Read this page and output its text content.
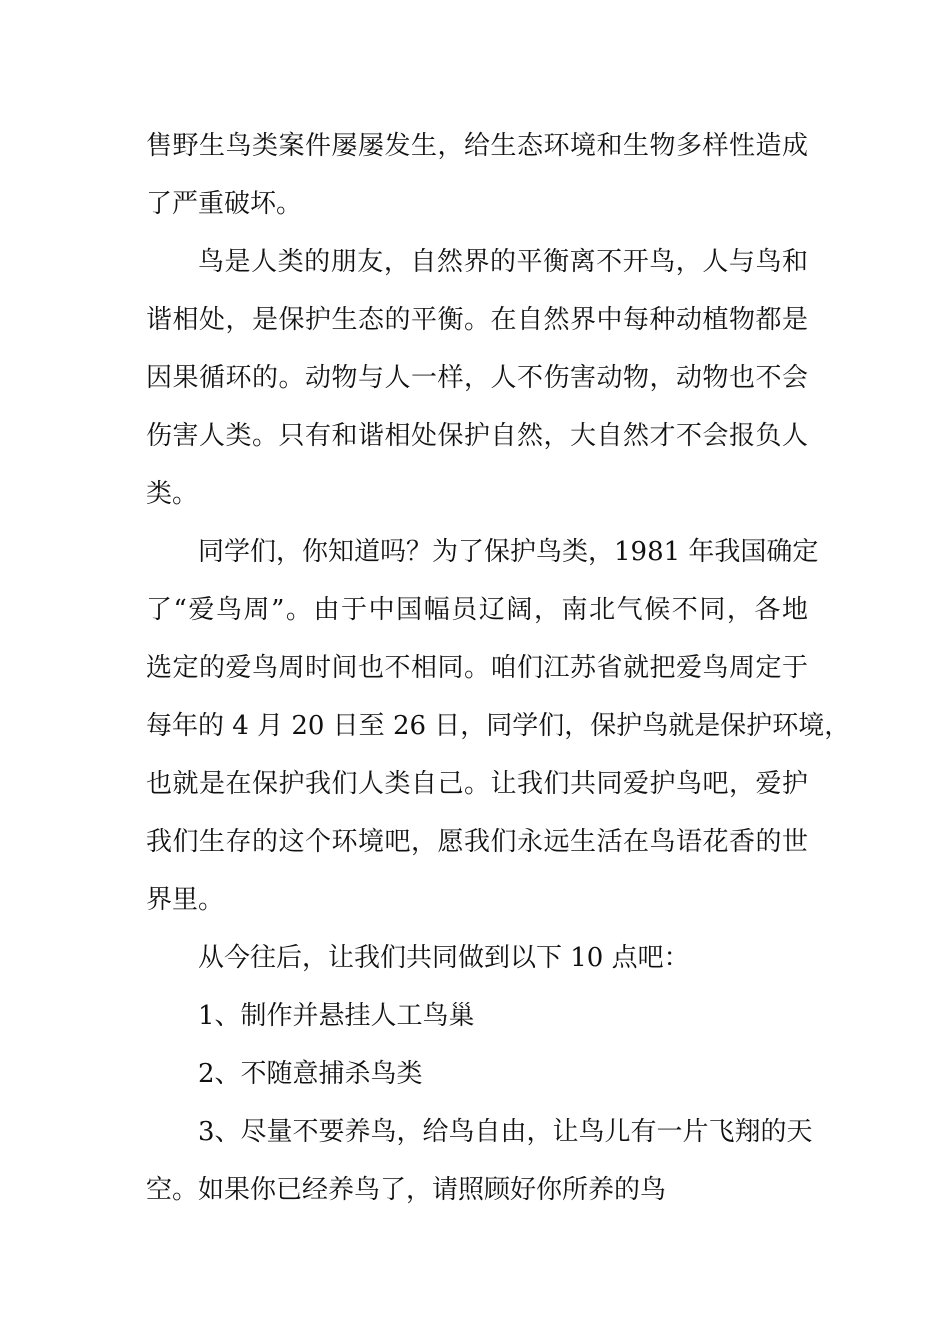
售野生鸟类案件屡屡发生，给生态环境和生物多样性造成
了严重破坏。
鸟是人类的朋友，自然界的平衡离不开鸟，人与鸟和
谐相处，是保护生态的平衡。在自然界中每种动植物都是
因果循环的。动物与人一样，人不伤害动物，动物也不会
伤害人类。只有和谐相处保护自然，大自然才不会报负人
类。
同学们，你知道吗？为了保护鸟类，1981 年我国确定
了“爱鸟周”。由于中国幅员辽阔，南北气候不同，各地
选定的爱鸟周时间也不相同。咱们江苏省就把爱鸟周定于
每年的 4 月 20 日至 26 日，同学们，保护鸟就是保护环境，
也就是在保护我们人类自己。让我们共同爱护鸟吧，爱护
我们生存的这个环境吧，愿我们永远生活在鸟语花香的世
界里。
从今往后，让我们共同做到以下 10 点吧：
1、制作并悬挂人工鸟巢
2、不随意捕杀鸟类
3、尽量不要养鸟，给鸟自由，让鸟儿有一片飞翔的天
空。如果你已经养鸟了，请照顾好你所养的鸟
